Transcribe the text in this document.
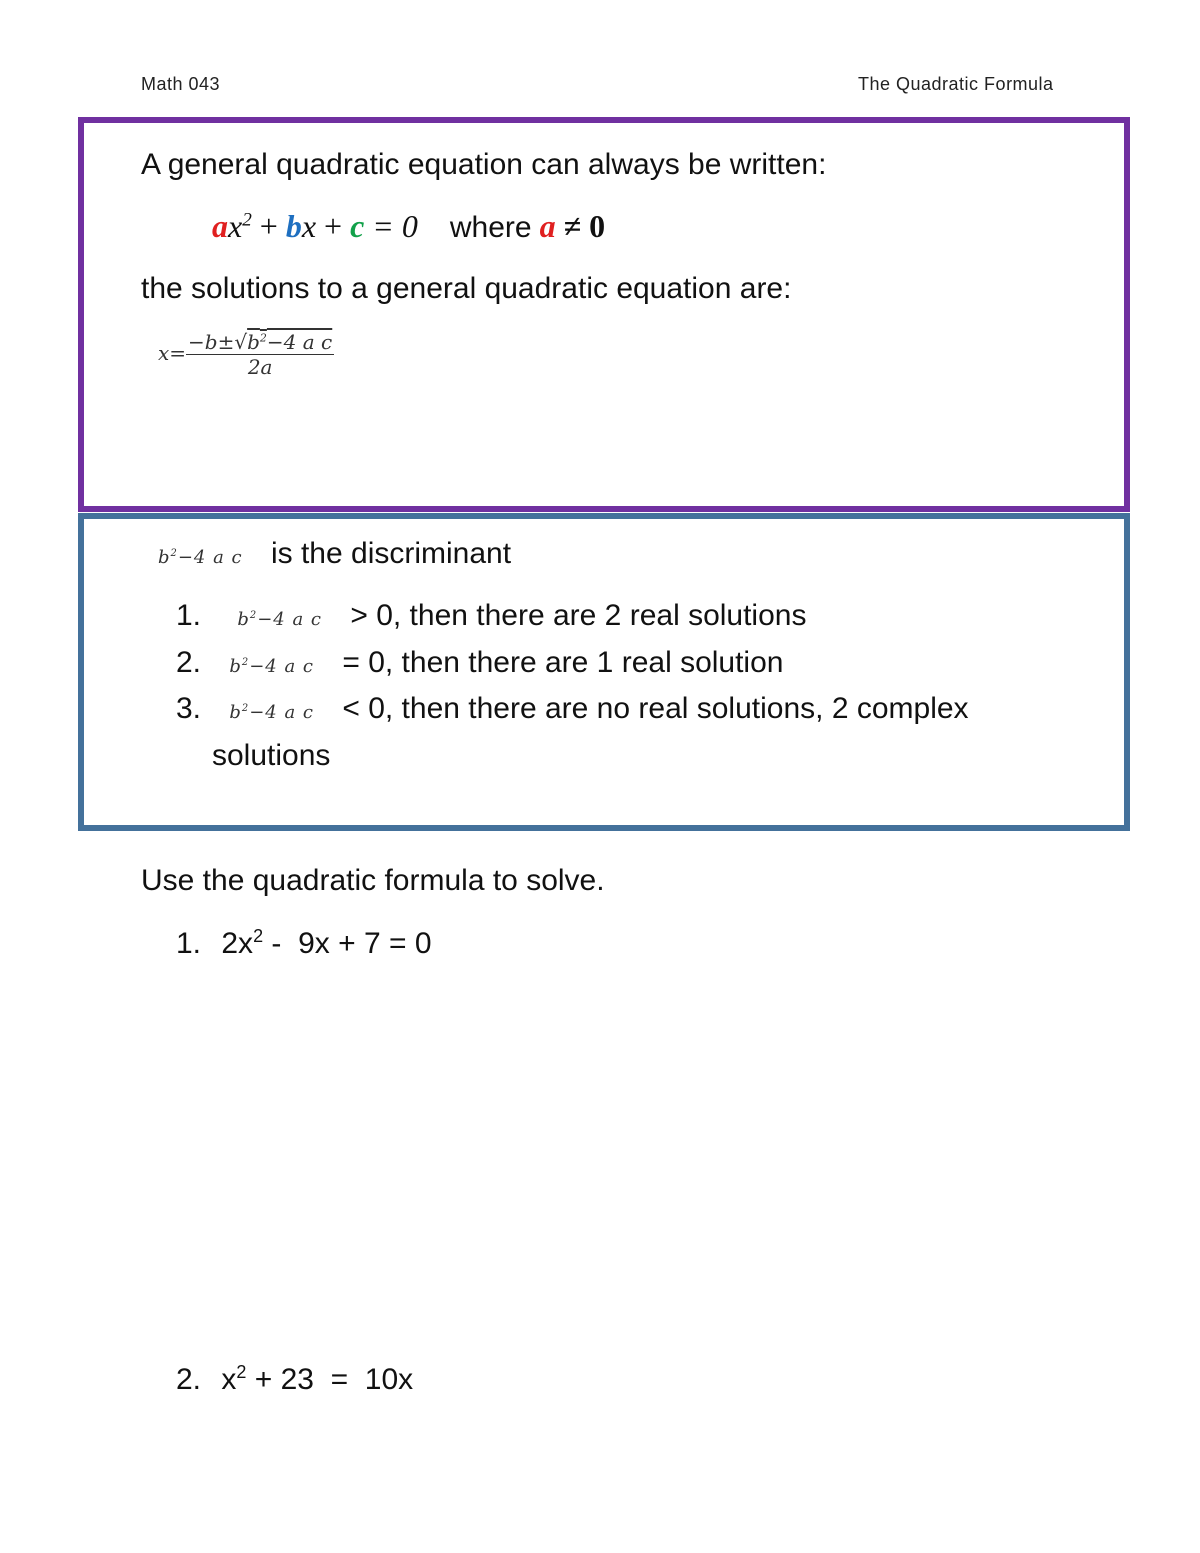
Math 043	The Quadratic Formula
A general quadratic equation can always be written:
$ax^2$ + bx + c = 0 where a ≠ 0
the solutions to a general quadratic equation are:
$x= \frac{-b\pm√b^2-4 a c}{2a}$
$b^2-4$ a c is the discriminant
1. $b^2-4$ a c > 0, then there are 2 real solutions
2. $b^2-4$ a c = 0, then there are 1 real solution
3. $b^2-4$ a c < 0, then there are no real solutions, 2 complex
solutions
Use the quadratic formula to solve.
1. $2x^2 - 9x + 7 = 0$
2. $x^2 + 23 = 10x$
